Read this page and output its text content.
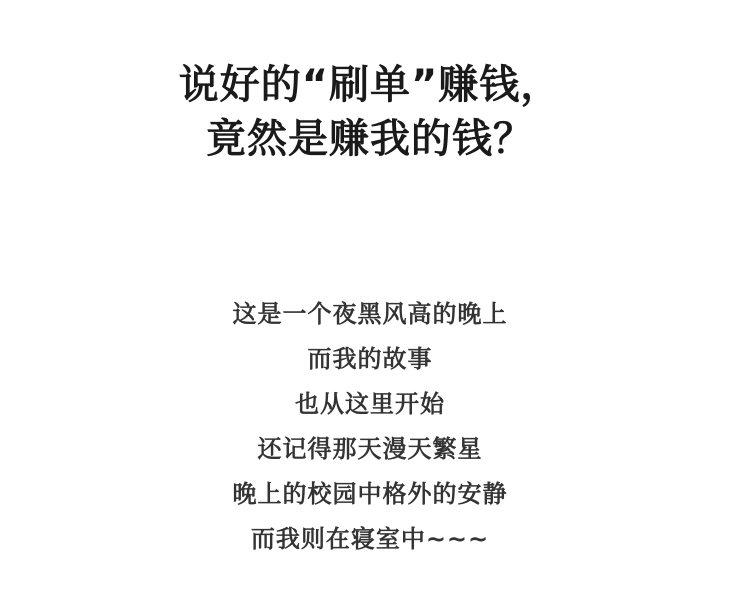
说好的“刷单”赚钱，
竟然是赚我的钱？
这是一个夜黑风高的晚上
而我的故事
也从这里开始
还记得那天漫天繁星
晚上的校园中格外的安静
而我则在寝室中~~~
